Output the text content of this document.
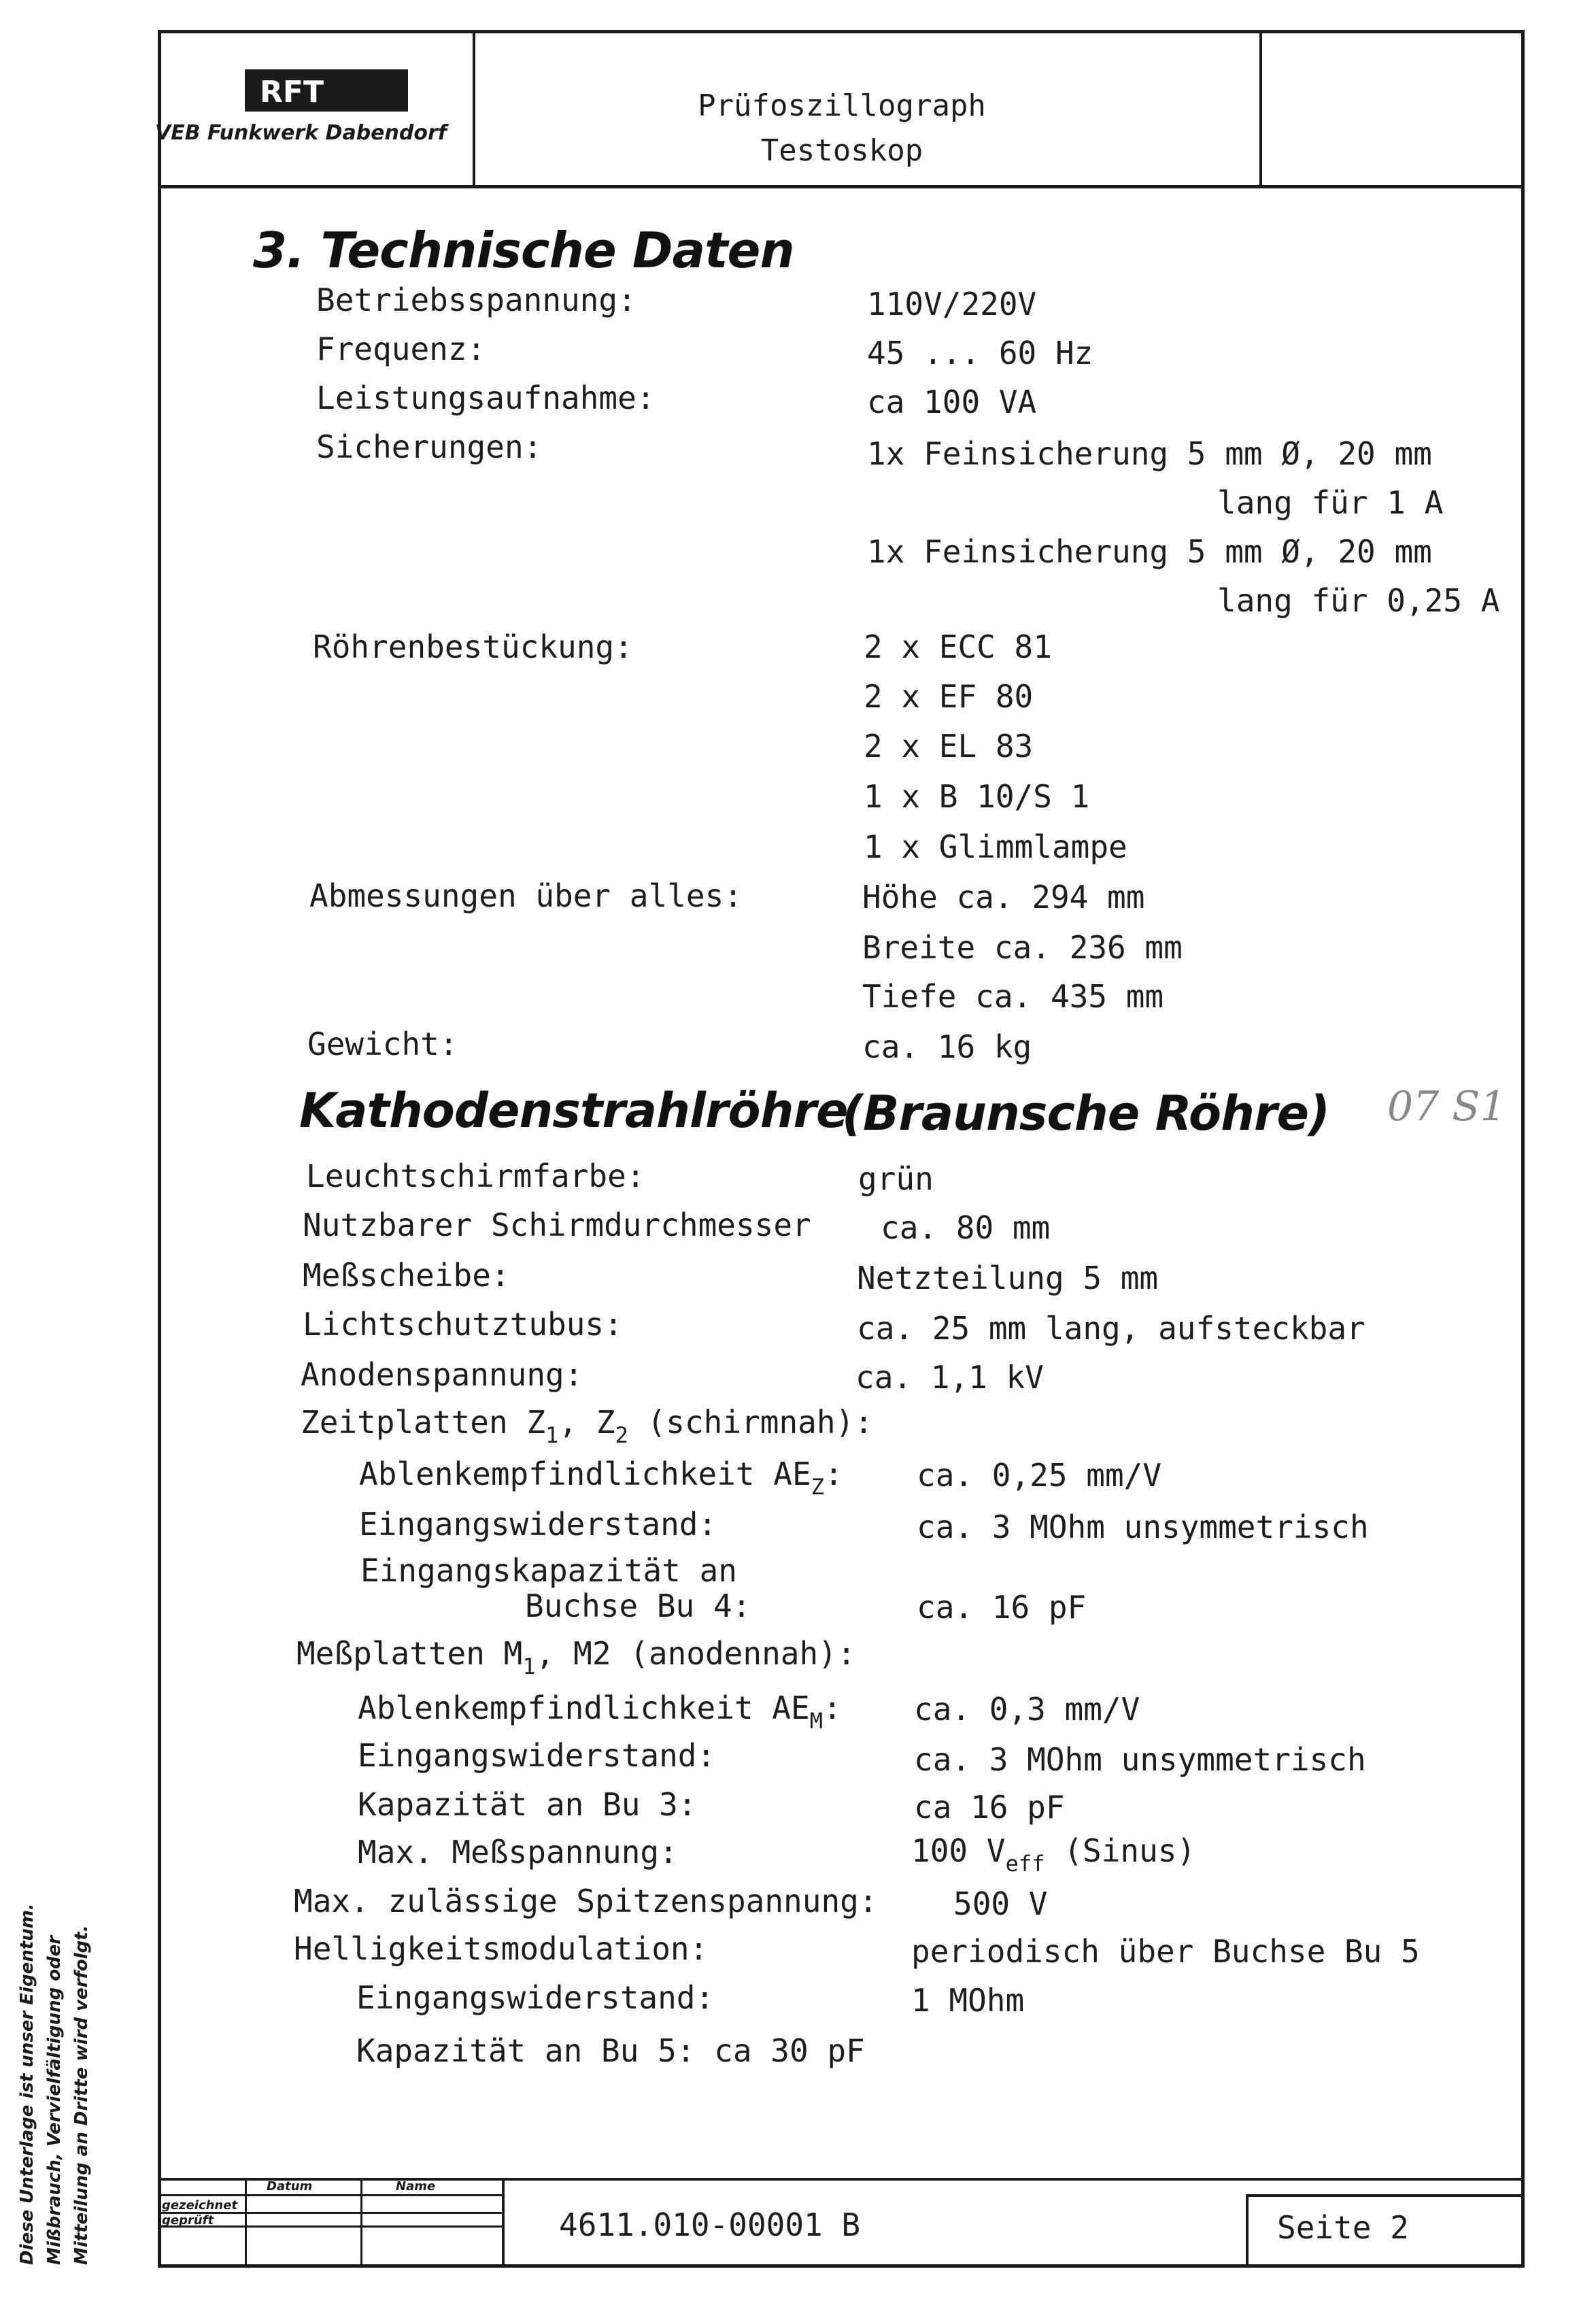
RFT
VEB Funkwerk Dabendorf
Prüfoszillograph
Testoskop
3. Technische Daten
Betriebsspannung:	110V/220V
Frequenz:	45 ... 60 Hz
Leistungsaufnahme:	ca 100 VA
Sicherungen:	1x Feinsicherung 5 mm Ø, 20 mm
lang für 1 A
1x Feinsicherung 5 mm Ø, 20 mm
lang für 0,25 A
Röhrenbestückung:	2 x ECC 81
2 x EF 80
2 x EL 83
1 x B 10/S 1
1 x Glimmlampe
Abmessungen über alles:	Höhe ca. 294 mm
Breite ca. 236 mm
Tiefe ca. 435 mm
Gewicht:	ca. 16 kg
Kathodenstrahlröhre
(Braunsche Röhre) 07 S1
Leuchtschirmfarbe:	grün
Nutzbarer Schirmdurchmesser ca. 80 mm
Meßscheibe:	Netzteilung 5 mm
Lichtschutztubus:	ca. 25 mm lang, aufsteckbar
Anodenspannung:	ca. 1,1 kV
Zeitplatten $Z_1$, $Z_2$ (schirmnah):
Ablenkempfindlichkeit $AE_Z$: ca. 0,25 mm/V
Eingangswiderstand:	ca. 3 MOhm unsymmetrisch
Eingangskapazität an
Buchse Bu 4:	ca. 16 pF
Meßplatten $M_1$, M2 (anodennah):
Ablenkempfindlichkeit $AE_M$: ca. 0,3 mm/V
Eingangswiderstand:	ca. 3 MOhm unsymmetrisch
Kapazität an Bu 3:	ca 16 pF
Max. Meßspannung:	100 $V_{eff}$ (Sinus)
Max. zulässige Spitzenspannung: 500 V
Helligkeitsmodulation:	periodisch über Buchse Bu 5
Eingangswiderstand:	1 MOhm
Kapazität an Bu 5: ca 30 pF
Datum	Name
gezeichnet
geprüft	4611.010-00001 B	Seite 2
Diese Unterlage ist unser Eigentum. Mißbrauch, Vervielfältigung oder Mitteilung an Dritte wird verfolgt.
